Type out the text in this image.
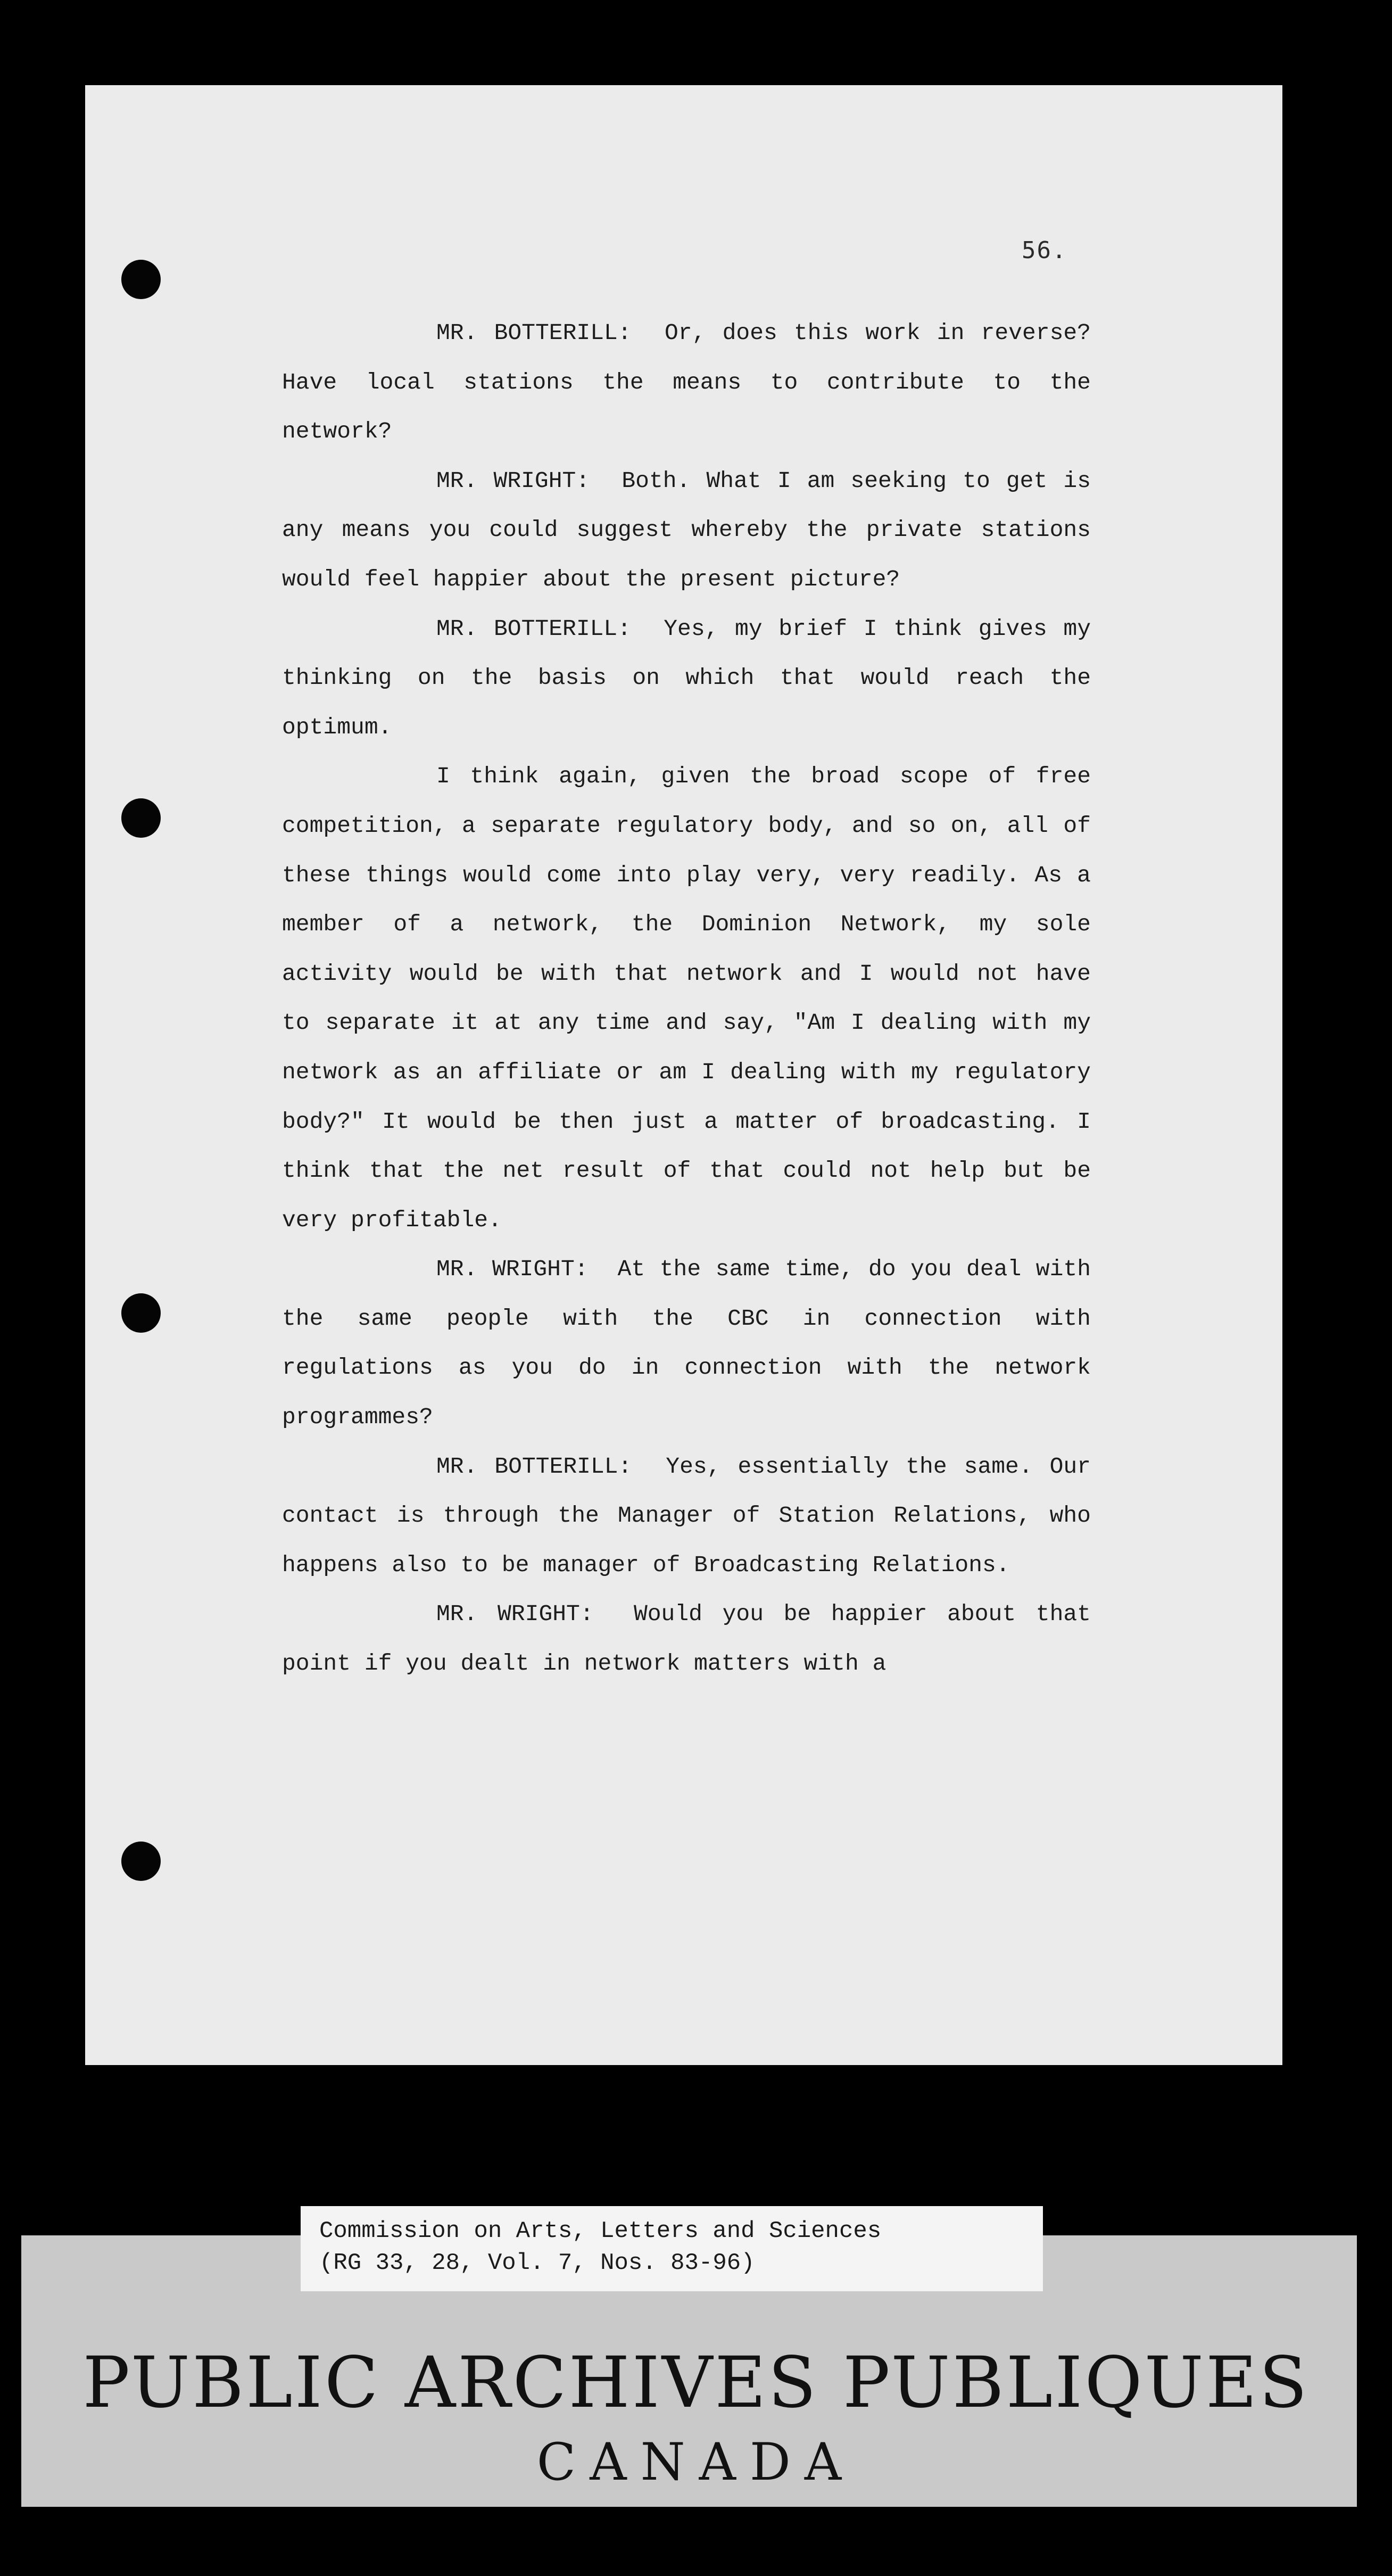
56.

MR. BOTTERILL: Or, does this work in reverse? Have local stations the means to contribute to the network?

MR. WRIGHT: Both. What I am seeking to get is any means you could suggest whereby the private stations would feel happier about the present picture?

MR. BOTTERILL: Yes, my brief I think gives my thinking on the basis on which that would reach the optimum.

I think again, given the broad scope of free competition, a separate regulatory body, and so on, all of these things would come into play very, very readily. As a member of a network, the Dominion Network, my sole activity would be with that network and I would not have to separate it at any time and say, "Am I dealing with my network as an affiliate or am I dealing with my regulatory body?" It would be then just a matter of broadcasting. I think that the net result of that could not help but be very profitable.

MR. WRIGHT: At the same time, do you deal with the same people with the CBC in connection with regulations as you do in connection with the network programmes?

MR. BOTTERILL: Yes, essentially the same. Our contact is through the Manager of Station Relations, who happens also to be manager of Broadcasting Relations.

MR. WRIGHT: Would you be happier about that point if you dealt in network matters with a

Commission on Arts, Letters and Sciences
(RG 33, 28, Vol. 7, Nos. 83-96)
PUBLIC ARCHIVES PUBLIQUES
CANADA
